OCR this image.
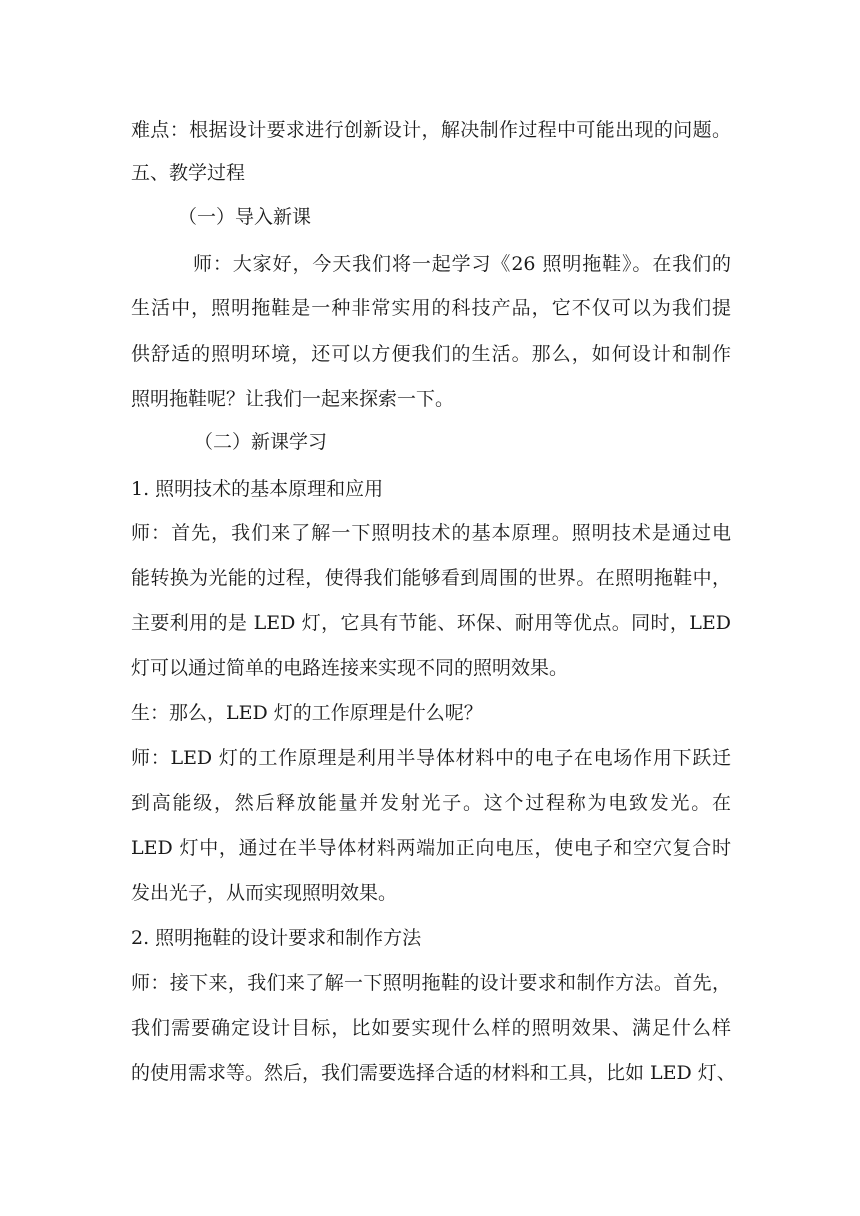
难点：根据设计要求进行创新设计，解决制作过程中可能出现的问题。

五、教学过程

（一）导入新课

师：大家好，今天我们将一起学习《26 照明拖鞋》。在我们的

生活中，照明拖鞋是一种非常实用的科技产品，它不仅可以为我们提

供舒适的照明环境，还可以方便我们的生活。那么，如何设计和制作

照明拖鞋呢？让我们一起来探索一下。

（二）新课学习

1. 照明技术的基本原理和应用

师：首先，我们来了解一下照明技术的基本原理。照明技术是通过电

能转换为光能的过程，使得我们能够看到周围的世界。在照明拖鞋中，

主要利用的是 LED 灯，它具有节能、环保、耐用等优点。同时，LED

灯可以通过简单的电路连接来实现不同的照明效果。

生：那么，LED 灯的工作原理是什么呢？

师：LED 灯的工作原理是利用半导体材料中的电子在电场作用下跃迁

到高能级，然后释放能量并发射光子。这个过程称为电致发光。在

LED 灯中，通过在半导体材料两端加正向电压，使电子和空穴复合时

发出光子，从而实现照明效果。

2. 照明拖鞋的设计要求和制作方法

师：接下来，我们来了解一下照明拖鞋的设计要求和制作方法。首先，

我们需要确定设计目标，比如要实现什么样的照明效果、满足什么样

的使用需求等。然后，我们需要选择合适的材料和工具，比如 LED 灯、
